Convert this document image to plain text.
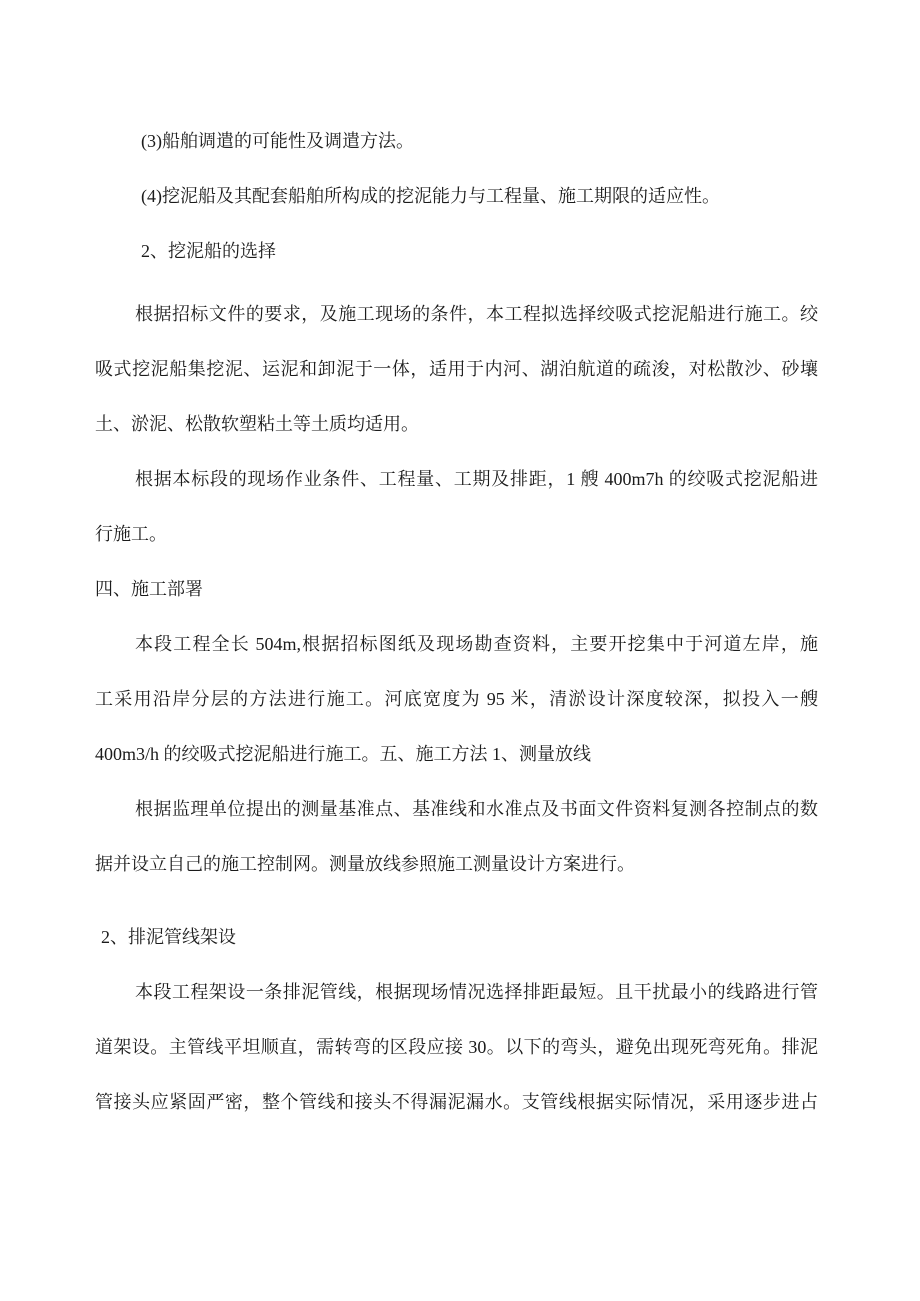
(3)船舶调遣的可能性及调遣方法。
(4)挖泥船及其配套船舶所构成的挖泥能力与工程量、施工期限的适应性。
2、挖泥船的选择
根据招标文件的要求，及施工现场的条件，本工程拟选择绞吸式挖泥船进行施工。绞
吸式挖泥船集挖泥、运泥和卸泥于一体，适用于内河、湖泊航道的疏浚，对松散沙、砂壤
土、淤泥、松散软塑粘土等土质均适用。
根据本标段的现场作业条件、工程量、工期及排距，1 艘 400m7h 的绞吸式挖泥船进
行施工。
四、施工部署
本段工程全长 504m,根据招标图纸及现场勘查资料，主要开挖集中于河道左岸，施
工采用沿岸分层的方法进行施工。河底宽度为 95 米，清淤设计深度较深，拟投入一艘
400m3/h 的绞吸式挖泥船进行施工。五、施工方法 1、测量放线
根据监理单位提出的测量基准点、基准线和水准点及书面文件资料复测各控制点的数
据并设立自己的施工控制网。测量放线参照施工测量设计方案进行。
2、排泥管线架设
本段工程架设一条排泥管线，根据现场情况选择排距最短。且干扰最小的线路进行管
道架设。主管线平坦顺直，需转弯的区段应接 30。以下的弯头，避免出现死弯死角。排泥
管接头应紧固严密，整个管线和接头不得漏泥漏水。支管线根据实际情况，采用逐步进占
